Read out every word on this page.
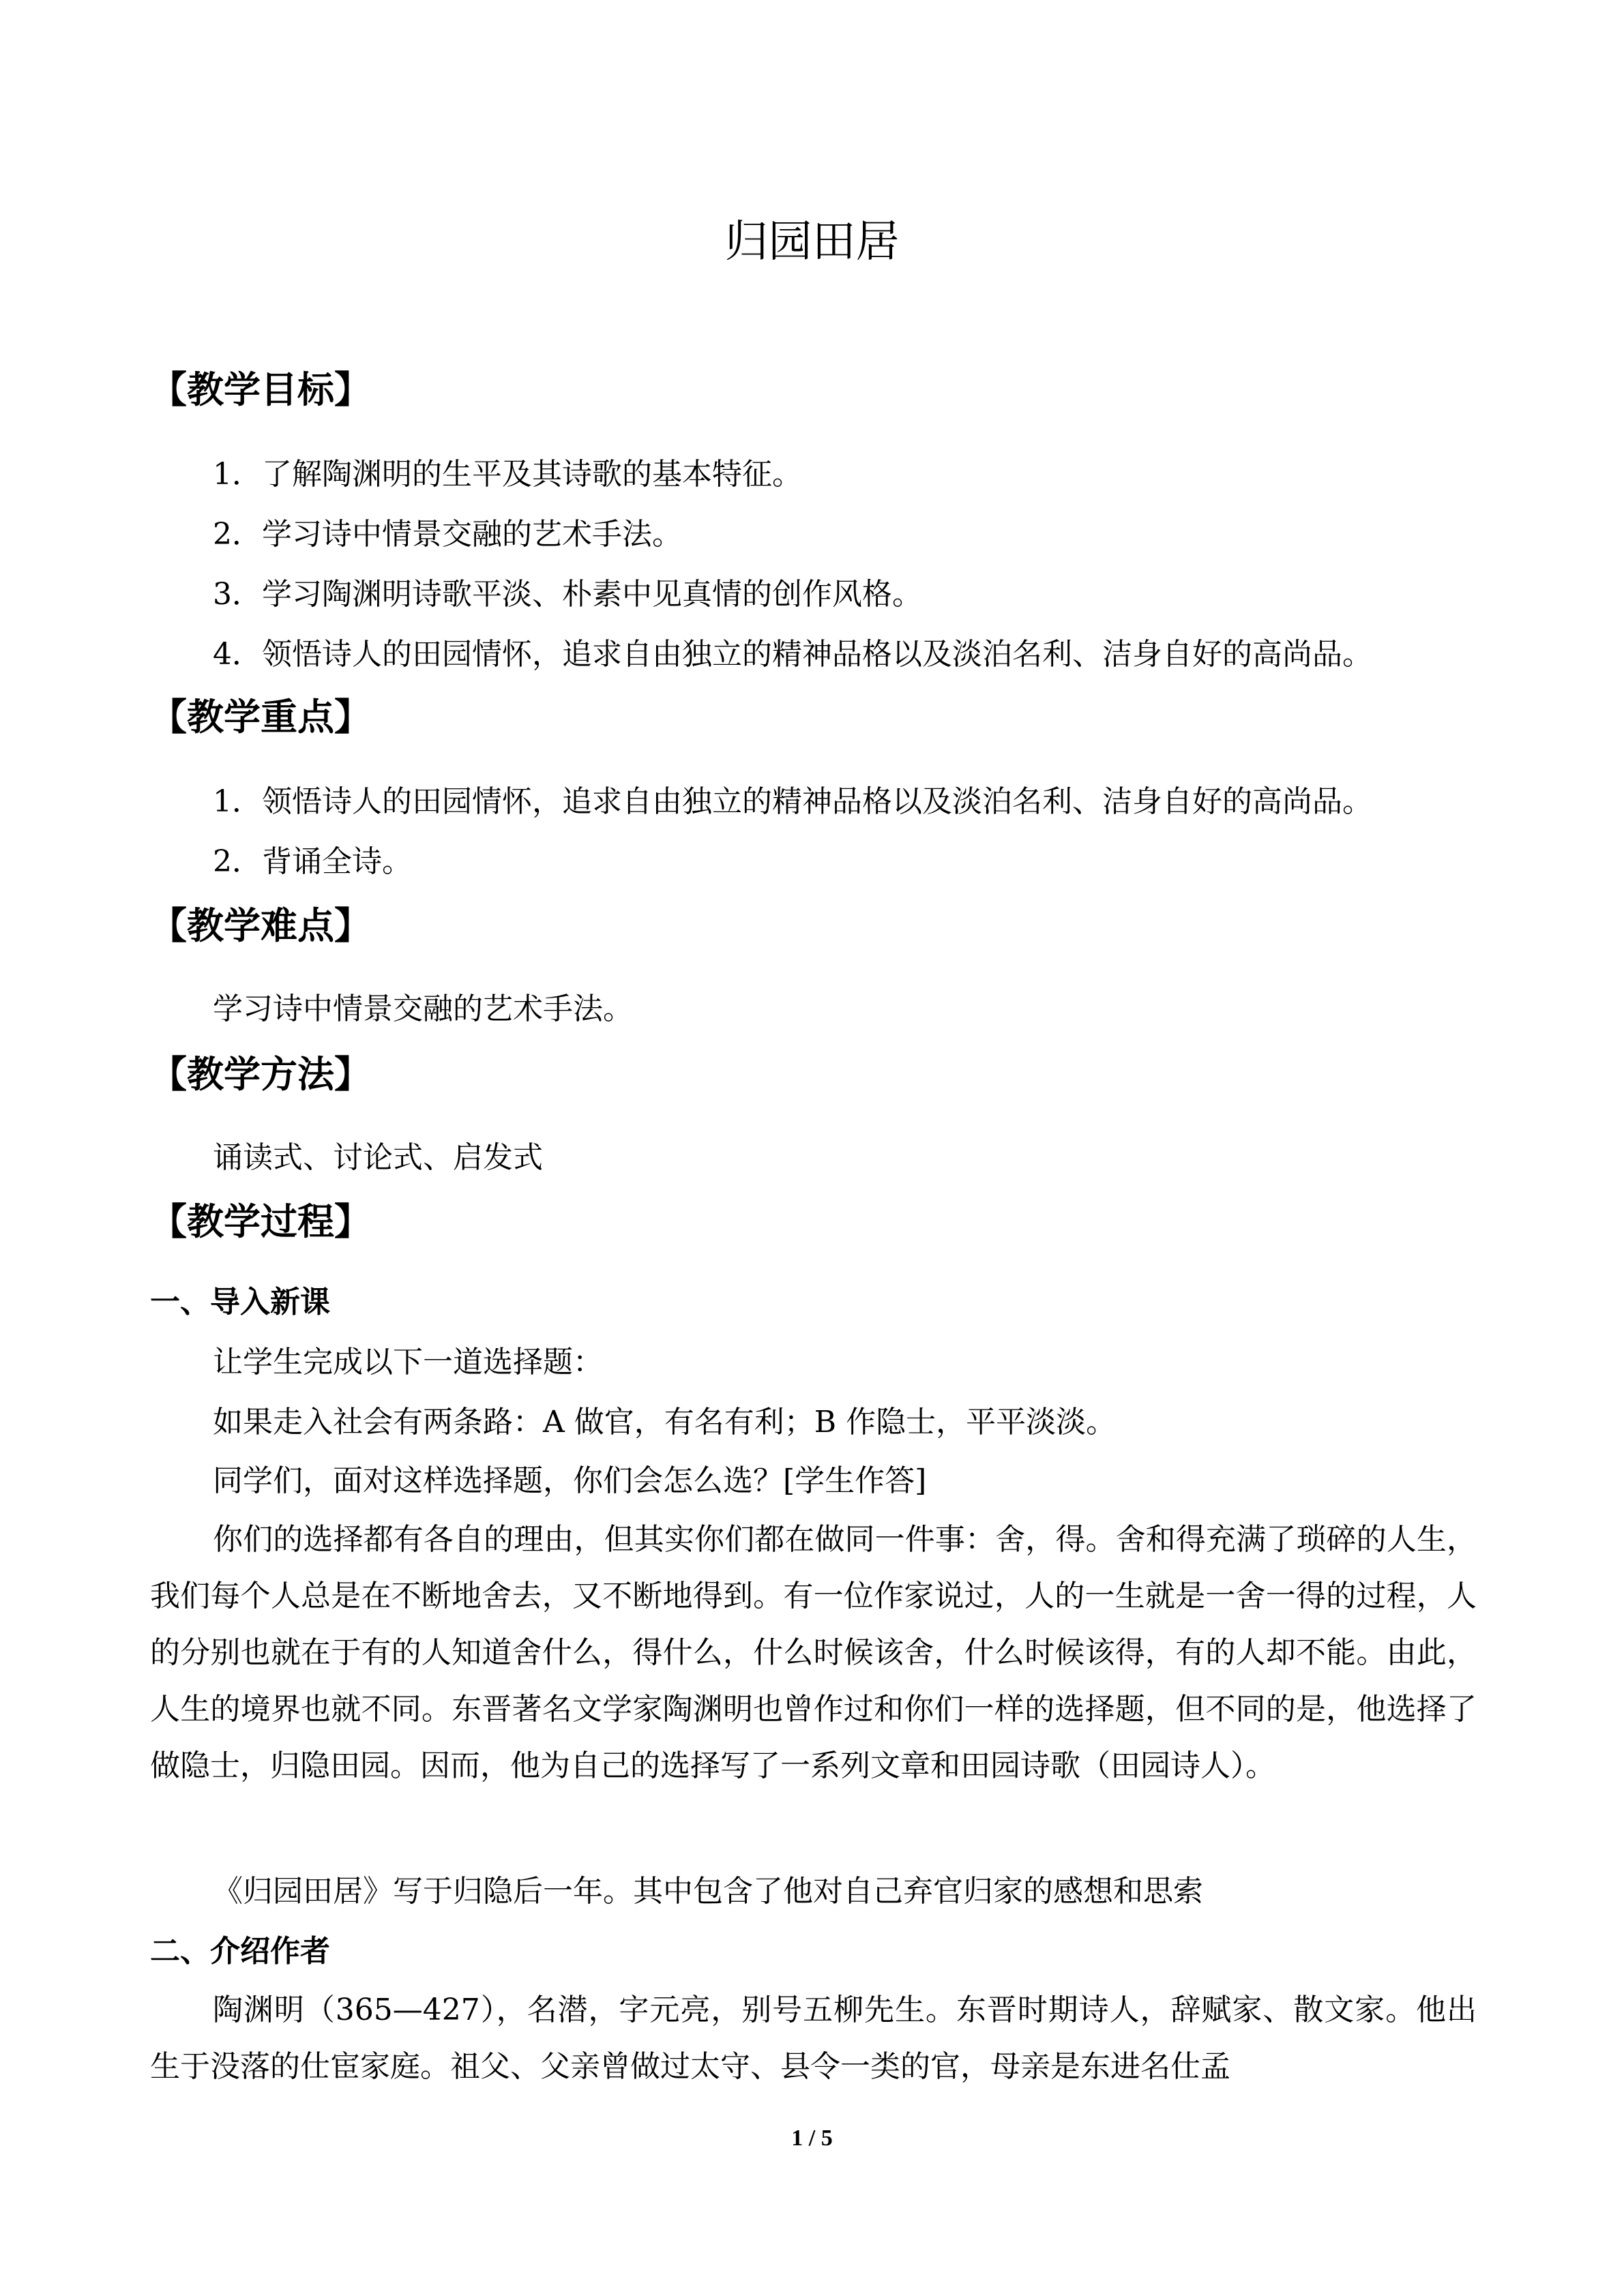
归园田居
【教学目标】

1．了解陶渊明的生平及其诗歌的基本特征。

2．学习诗中情景交融的艺术手法。

3．学习陶渊明诗歌平淡、朴素中见真情的创作风格。

4．领悟诗人的田园情怀，追求自由独立的精神品格以及淡泊名利、洁身自好的高尚品。

【教学重点】

1．领悟诗人的田园情怀，追求自由独立的精神品格以及淡泊名利、洁身自好的高尚品。

2．背诵全诗。

【教学难点】

学习诗中情景交融的艺术手法。

【教学方法】

诵读式、讨论式、启发式

【教学过程】
一、导入新课

让学生完成以下一道选择题：

如果走入社会有两条路：A 做官，有名有利；B 作隐士，平平淡淡。

同学们，面对这样选择题，你们会怎么选？[学生作答]

你们的选择都有各自的理由，但其实你们都在做同一件事：舍，得。舍和得充满了琐碎的人生，我们每个人总是在不断地舍去，又不断地得到。有一位作家说过，人的一生就是一舍一得的过程，人的分别也就在于有的人知道舍什么，得什么，什么时候该舍，什么时候该得，有的人却不能。由此，人生的境界也就不同。东晋著名文学家陶渊明也曾作过和你们一样的选择题，但不同的是，他选择了做隐士，归隐田园。因而，他为自己的选择写了一系列文章和田园诗歌（田园诗人）。

《归园田居》写于归隐后一年。其中包含了他对自己弃官归家的感想和思索

二、介绍作者

陶渊明（365—427），名潜，字元亮，别号五柳先生。东晋时期诗人，辞赋家、散文家。他出生于没落的仕宦家庭。祖父、父亲曾做过太守、县令一类的官，母亲是东进名仕孟

1 / 5
